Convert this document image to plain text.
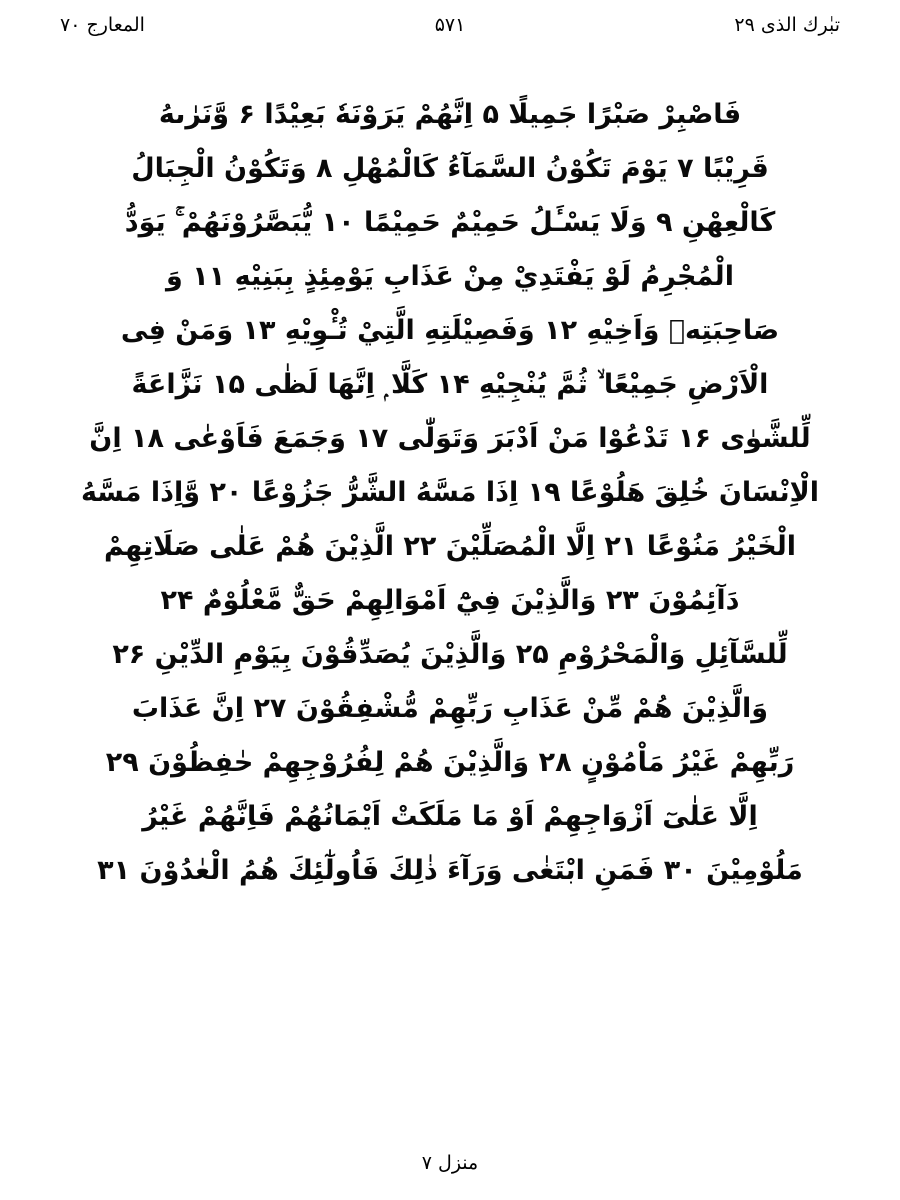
تبٰرك الذى ۲۹
۵۷۱
المعارج ۷۰
فَاصْبِرْ صَبْرًا جَمِيلًا ۵ اِنَّهُمْ يَرَوْنَهٗ بَعِيْدًا ۶ وَّنَرٰىهُ
قَرِيْبًا ۷ يَوْمَ تَكُوْنُ السَّمَآءُ كَالْمُهْلِ ۸ وَتَكُوْنُ الْجِبَالُ
كَالْعِهْنِ ۹ وَلَا يَسْـَٔلُ حَمِيْمٌ حَمِيْمًا ۱۰ يُّبَصَّرُوْنَهُمْ ۚ يَوَدُّ
الْمُجْرِمُ لَوْ يَفْتَدِيْ مِنْ عَذَابِ يَوْمِئِذٍ بِبَنِيْهِ ۱۱ وَ
صَاحِبَتِهٖ وَاَخِيْهِ ۱۲ وَفَصِيْلَتِهِ الَّتِيْ تُـْٔوِيْهِ ۱۳ وَمَنْ فِى
الْاَرْضِ جَمِيْعًا ۙ ثُمَّ يُنْجِيْهِ ۱۴ كَلَّا ۭ اِنَّهَا لَظٰى ۱۵ نَزَّاعَةً
لِّلشَّوٰى ۱۶ تَدْعُوْا مَنْ اَدْبَرَ وَتَوَلّٰى ۱۷ وَجَمَعَ فَاَوْعٰى ۱۸ اِنَّ
الْاِنْسَانَ خُلِقَ هَلُوْعًا ۱۹ اِذَا مَسَّهُ الشَّرُّ جَزُوْعًا ۲۰ وَّاِذَا مَسَّهُ
الْخَيْرُ مَنُوْعًا ۲۱ اِلَّا الْمُصَلِّيْنَ ۲۲ الَّذِيْنَ هُمْ عَلٰى صَلَاتِهِمْ
دَآئِمُوْنَ ۲۳ وَالَّذِيْنَ فِيْٓ اَمْوَالِهِمْ حَقٌّ مَّعْلُوْمٌ ۲۴
لِّلسَّآئِلِ وَالْمَحْرُوْمِ ۲۵ وَالَّذِيْنَ يُصَدِّقُوْنَ بِيَوْمِ الدِّيْنِ ۲۶
وَالَّذِيْنَ هُمْ مِّنْ عَذَابِ رَبِّهِمْ مُّشْفِقُوْنَ ۲۷ اِنَّ عَذَابَ
رَبِّهِمْ غَيْرُ مَاْمُوْنٍ ۲۸ وَالَّذِيْنَ هُمْ لِفُرُوْجِهِمْ حٰفِظُوْنَ ۲۹
اِلَّا عَلٰىٓ اَزْوَاجِهِمْ اَوْ مَا مَلَكَتْ اَيْمَانُهُمْ فَاِنَّهُمْ غَيْرُ
مَلُوْمِيْنَ ۳۰ فَمَنِ ابْتَغٰى وَرَآءَ ذٰلِكَ فَاُولٰٓئِكَ هُمُ الْعٰدُوْنَ ۳۱
منزل ۷
